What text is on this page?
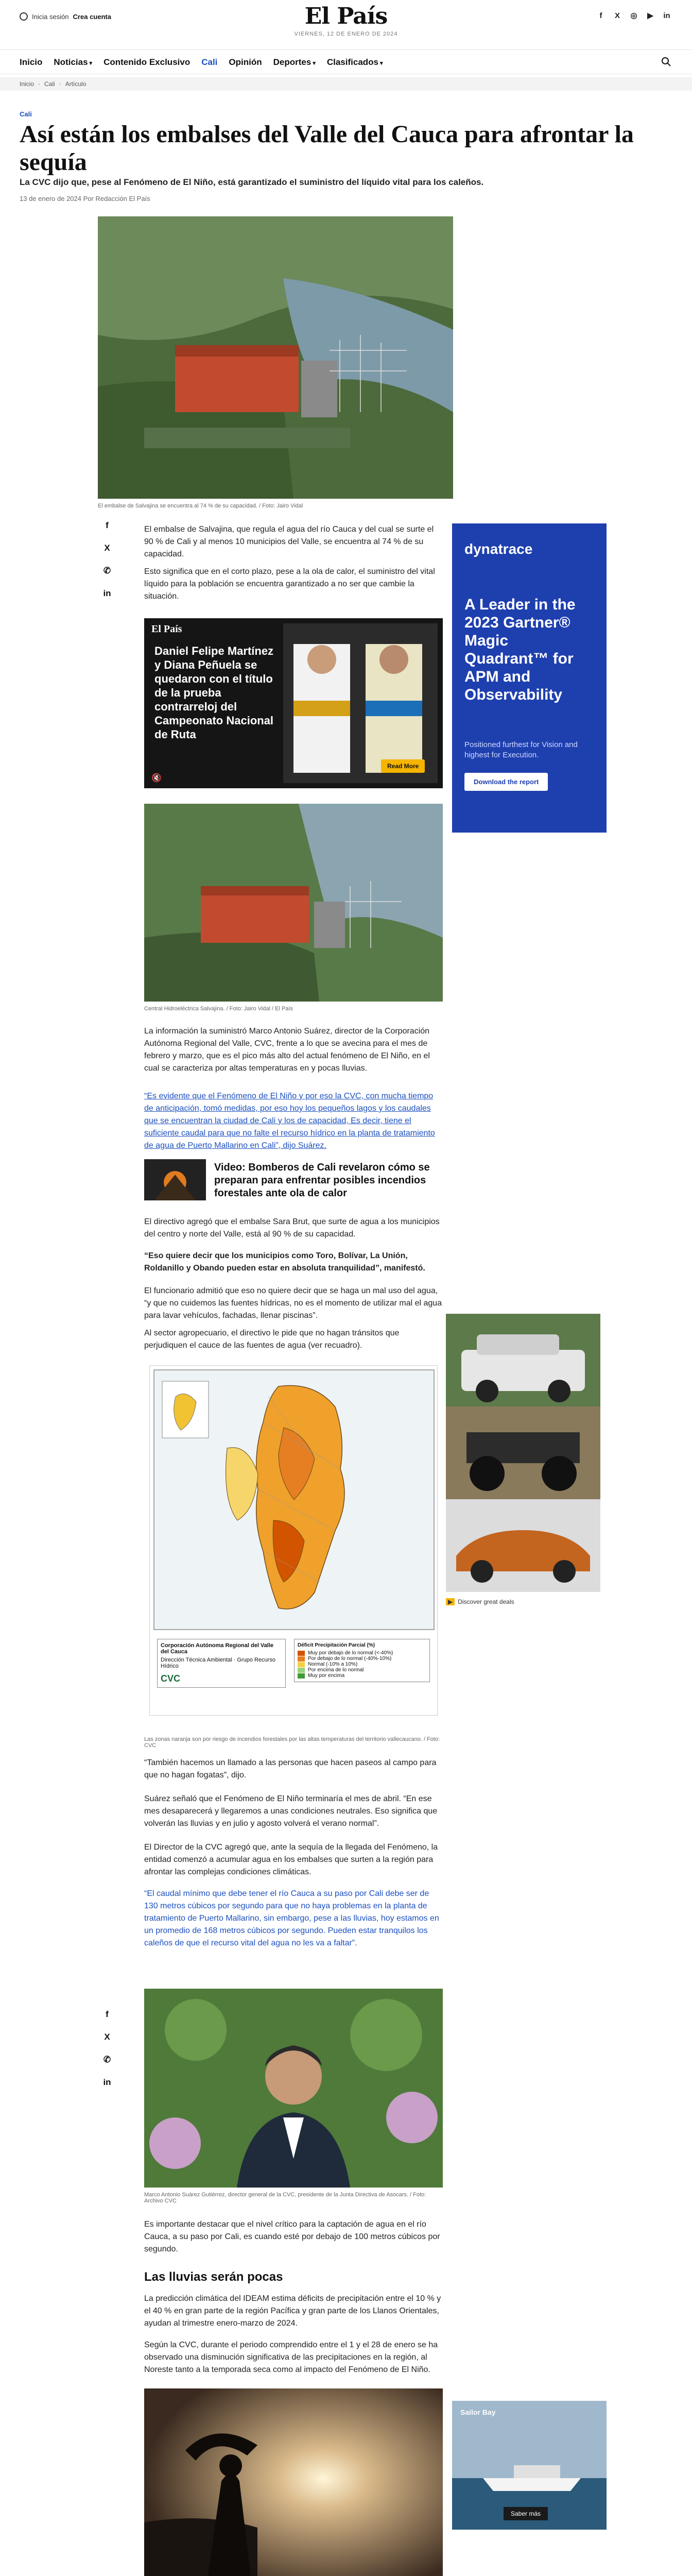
Inicia sesión Crea cuenta	El País
VIERNES, 12 DE ENERO DE 2024
f	X ◎ ▶ in
Inicio Noticias ▾ Contenido Exclusivo Cali Opinión Deportes ▾ Clasificados ▾
Inicio › Cali › Artículo
Cali
Así están los embalses del Valle del Cauca para afrontar la sequía

La CVC dijo que, pese al Fenómeno de El Niño, está garantizado el suministro del líquido vital para los caleños.

13 de enero de 2024 Por Redacción El País
El embalse de Salvajina se encuentra al 74 % de su capacidad. / Foto: Jairo Vidal
f
X
✆
in
El embalse de Salvajina, que regula el agua del río Cauca y del cual se surte el 90 % de Cali y al menos 10 municipios del Valle, se encuentra al 74 % de su capacidad.
Esto significa que en el corto plazo, pese a la ola de calor, el suministro del vital líquido para la población se encuentra garantizado a no ser que cambie la situación.
El País
Daniel Felipe Martínez y Diana Peñuela se quedaron con el título de la prueba contrarreloj del Campeonato Nacional de Ruta
Read More
🔇
Central Hidroeléctrica Salvajina. / Foto: Jairo Vidal / El País
La información la suministró Marco Antonio Suárez, director de la Corporación Autónoma Regional del Valle, CVC, frente a lo que se avecina para el mes de febrero y marzo, que es el pico más alto del actual fenómeno de El Niño, en el cual se caracteriza por altas temperaturas en y pocas lluvias.
“Es evidente que el Fenómeno de El Niño y por eso la CVC, con mucha tiempo de anticipación, tomó medidas, por eso hoy los pequeños lagos y los caudales que se encuentran la ciudad de Cali y los de capacidad, Es decir, tiene el suficiente caudal para que no falte el recurso hídrico en la planta de tratamiento de agua de Puerto Mallarino en Cali”, dijo Suárez.
Video: Bomberos de Cali revelaron cómo se preparan para enfrentar posibles incendios forestales ante ola de calor
El directivo agregó que el embalse Sara Brut, que surte de agua a los municipios del centro y norte del Valle, está al 90 % de su capacidad.
“Eso quiere decir que los municipios como Toro, Bolívar, La Unión, Roldanillo y Obando pueden estar en absoluta tranquilidad”, manifestó.
El funcionario admitió que eso no quiere decir que se haga un mal uso del agua, “y que no cuidemos las fuentes hídricas, no es el momento de utilizar mal el agua para lavar vehículos, fachadas, llenar piscinas”.
Al sector agropecuario, el directivo le pide que no hagan tránsitos que perjudiquen el cauce de las fuentes de agua (ver recuadro).
Corporación Autónoma Regional del Valle del Cauca
Dirección Técnica Ambiental · Grupo Recurso Hídrico
CVC
Déficit Precipitación Parcial (%)
Muy por debajo de lo normal (<-40%)
Por debajo de lo normal (-40%-10%)
Normal (-10% a 10%)
Por encima de lo normal
Muy por encima
Las zonas naranja son por riesgo de incendios forestales por las altas temperaturas del territorio vallecaucano. / Foto: CVC
“También hacemos un llamado a las personas que hacen paseos al campo para que no hagan fogatas”, dijo.
Suárez señaló que el Fenómeno de El Niño terminaría el mes de abril. “En ese mes desaparecerá y llegaremos a unas condiciones neutrales. Eso significa que volverán las lluvias y en julio y agosto volverá el verano normal”.
El Director de la CVC agregó que, ante la sequía de la llegada del Fenómeno, la entidad comenzó a acumular agua en los embalses que surten a la región para afrontar las complejas condiciones climáticas.
“El caudal mínimo que debe tener el río Cauca a su paso por Cali debe ser de 130 metros cúbicos por segundo para que no haya problemas en la planta de tratamiento de Puerto Mallarino, sin embargo, pese a las lluvias, hoy estamos en un promedio de 168 metros cúbicos por segundo. Pueden estar tranquilos los caleños de que el recurso vital del agua no les va a faltar”.
f
X
✆
in
Marco Antonio Suárez Gutiérrez, director general de la CVC, presidente de la Junta Directiva de Asocars. / Foto: Archivo CVC
Es importante destacar que el nivel crítico para la captación de agua en el río Cauca, a su paso por Cali, es cuando esté por debajo de 100 metros cúbicos por segundo.
Las lluvias serán pocas
La predicción climática del IDEAM estima déficits de precipitación entre el 10 % y el 40 % en gran parte de la región Pacífica y gran parte de los Llanos Orientales, ayudan al trimestre enero-marzo de 2024.
Según la CVC, durante el periodo comprendido entre el 1 y el 28 de enero se ha observado una disminución significativa de las precipitaciones en la región, al Noreste tanto a la temporada seca como al impacto del Fenómeno de El Niño.
dynatrace
A Leader in the 2023 Gartner® Magic Quadrant™ for APM and Observability
Positioned furthest for Vision and highest for Execution.
Download the report
▶ Discover great deals
Sailor Bay
Saber más
